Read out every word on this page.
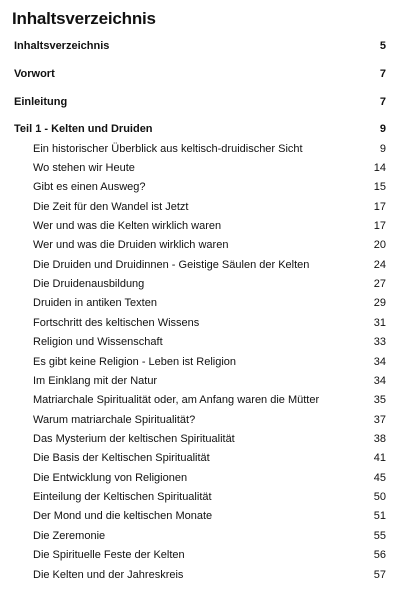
Inhaltsverzeichnis
Inhaltsverzeichnis	5
Vorwort	7
Einleitung	7
Teil 1 - Kelten und Druiden	9
Ein historischer Überblick aus keltisch-druidischer Sicht	9
Wo stehen wir Heute	14
Gibt es einen Ausweg?	15
Die Zeit für den Wandel ist Jetzt	17
Wer und was die Kelten wirklich waren	17
Wer und was die Druiden wirklich waren	20
Die Druiden und Druidinnen - Geistige Säulen der Kelten	24
Die Druidenausbildung	27
Druiden in antiken Texten	29
Fortschritt des keltischen Wissens	31
Religion und Wissenschaft	33
Es gibt keine Religion - Leben ist Religion	34
Im Einklang mit der Natur	34
Matriarchale Spiritualität oder, am Anfang waren die Mütter	35
Warum matriarchale Spiritualität?	37
Das Mysterium der keltischen Spiritualität	38
Die Basis der Keltischen Spiritualität	41
Die Entwicklung von Religionen	45
Einteilung der Keltischen Spiritualität	50
Der Mond und die keltischen Monate	51
Die Zeremonie	55
Die Spirituelle Feste der Kelten	56
Die Kelten und der Jahreskreis	57
